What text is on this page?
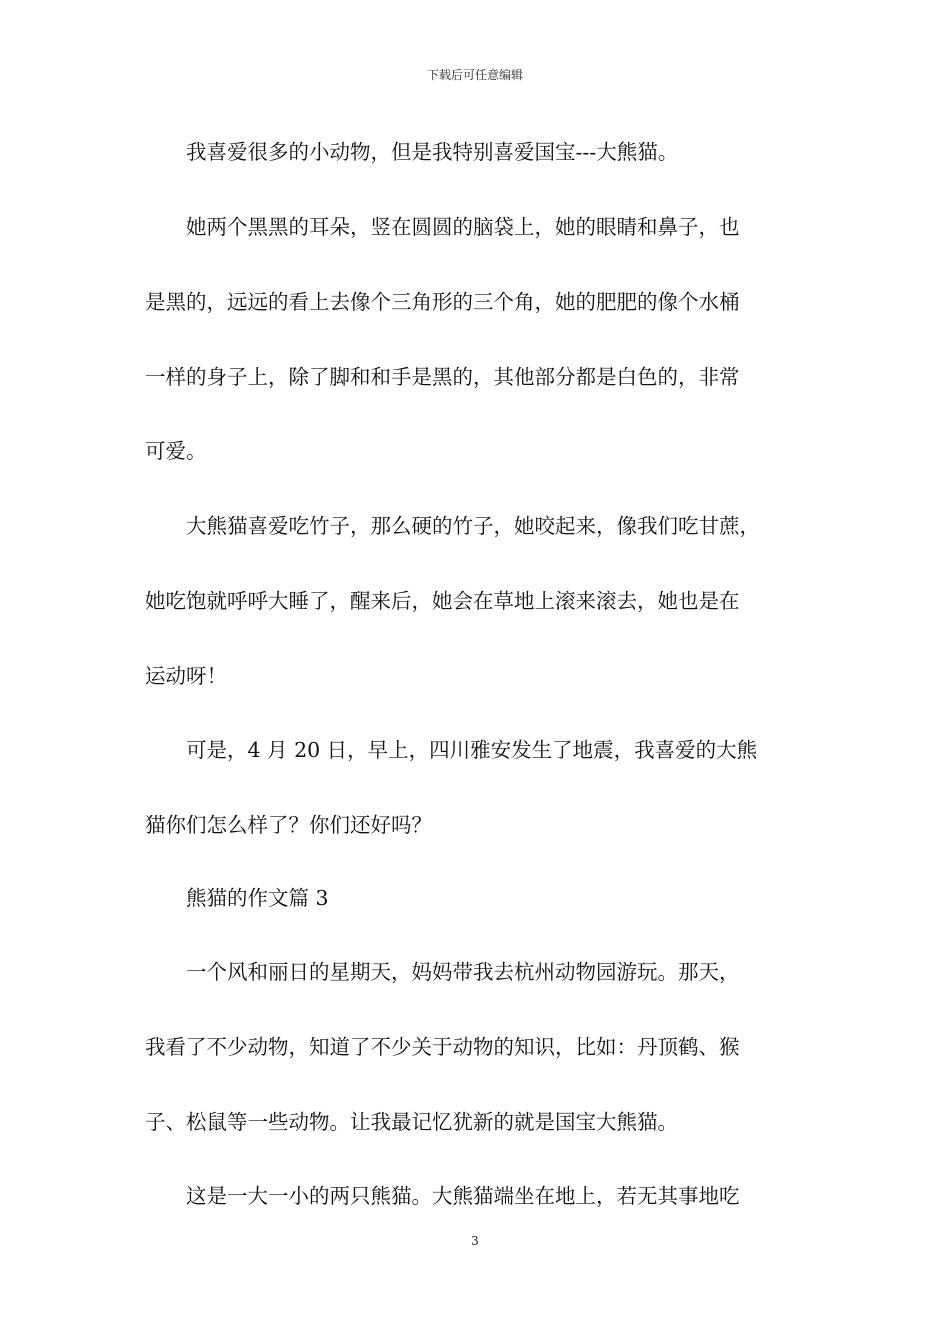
下载后可任意编辑
　　我喜爱很多的小动物，但是我特别喜爱国宝---大熊猫。
　　她两个黑黑的耳朵，竖在圆圆的脑袋上，她的眼睛和鼻子，也
是黑的，远远的看上去像个三角形的三个角，她的肥肥的像个水桶
一样的身子上，除了脚和和手是黑的，其他部分都是白色的，非常
可爱。
　　大熊猫喜爱吃竹子，那么硬的竹子，她咬起来，像我们吃甘蔗，
她吃饱就呼呼大睡了，醒来后，她会在草地上滚来滚去，她也是在
运动呀！
　　可是，4 月 20 日，早上，四川雅安发生了地震，我喜爱的大熊
猫你们怎么样了？你们还好吗？
　　熊猫的作文篇 3
　　一个风和丽日的星期天，妈妈带我去杭州动物园游玩。那天，
我看了不少动物，知道了不少关于动物的知识，比如：丹顶鹤、猴
子、松鼠等一些动物。让我最记忆犹新的就是国宝大熊猫。
　　这是一大一小的两只熊猫。大熊猫端坐在地上，若无其事地吃
3
